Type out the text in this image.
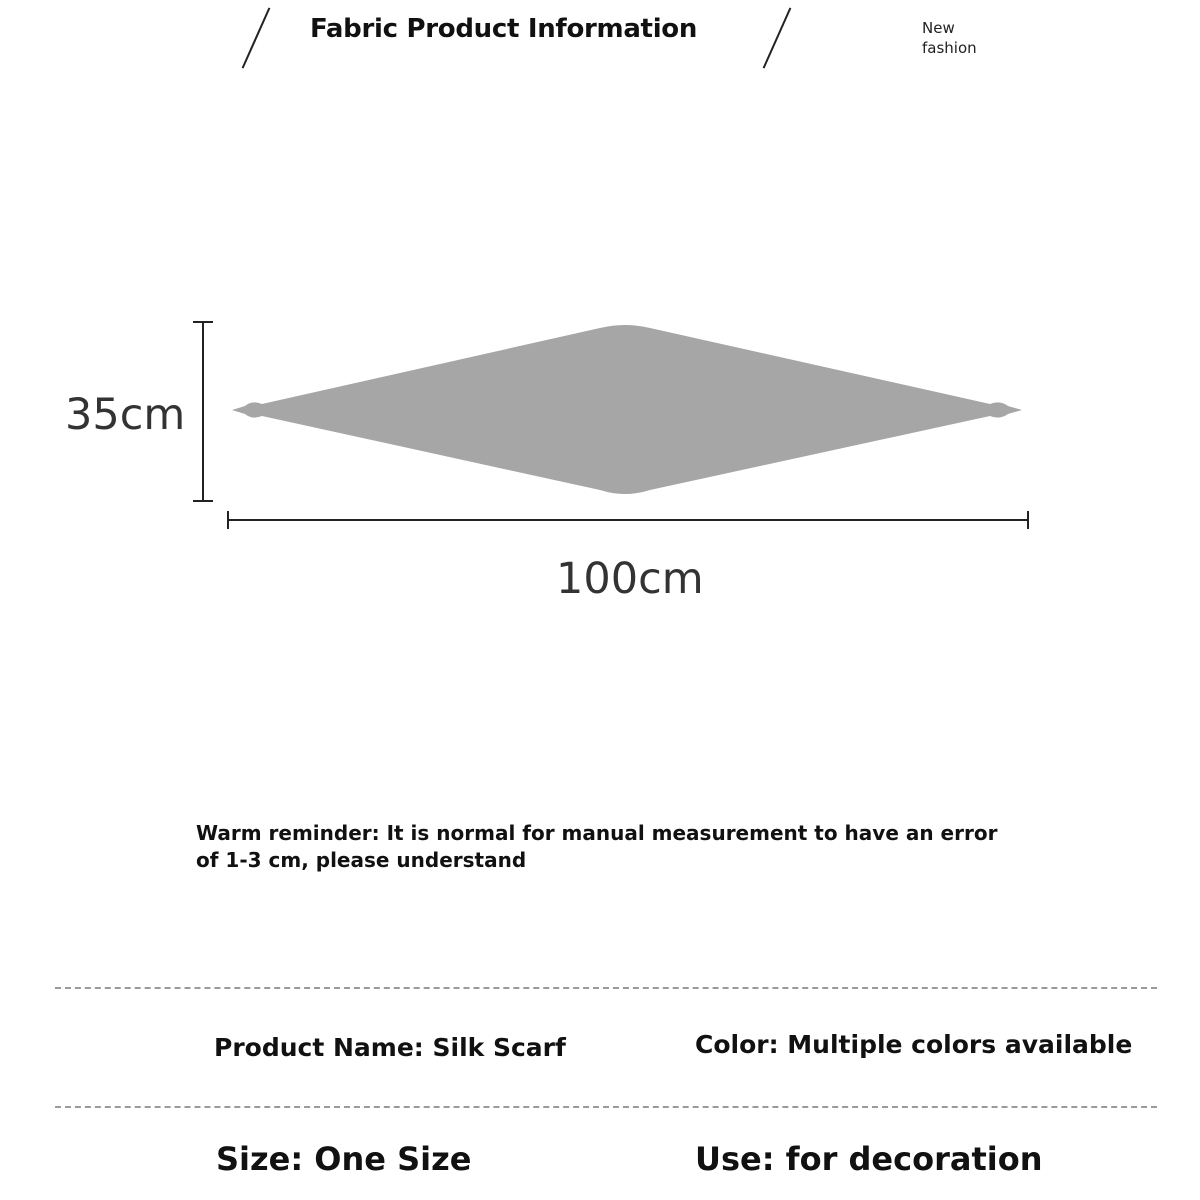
Fabric Product Information	New
fashion
35cm
100cm
Warm reminder: It is normal for manual measurement to have an error of 1-3 cm, please understand
Product Name: Silk Scarf	Color: Multiple colors available
Size: One Size	Use: for decoration
